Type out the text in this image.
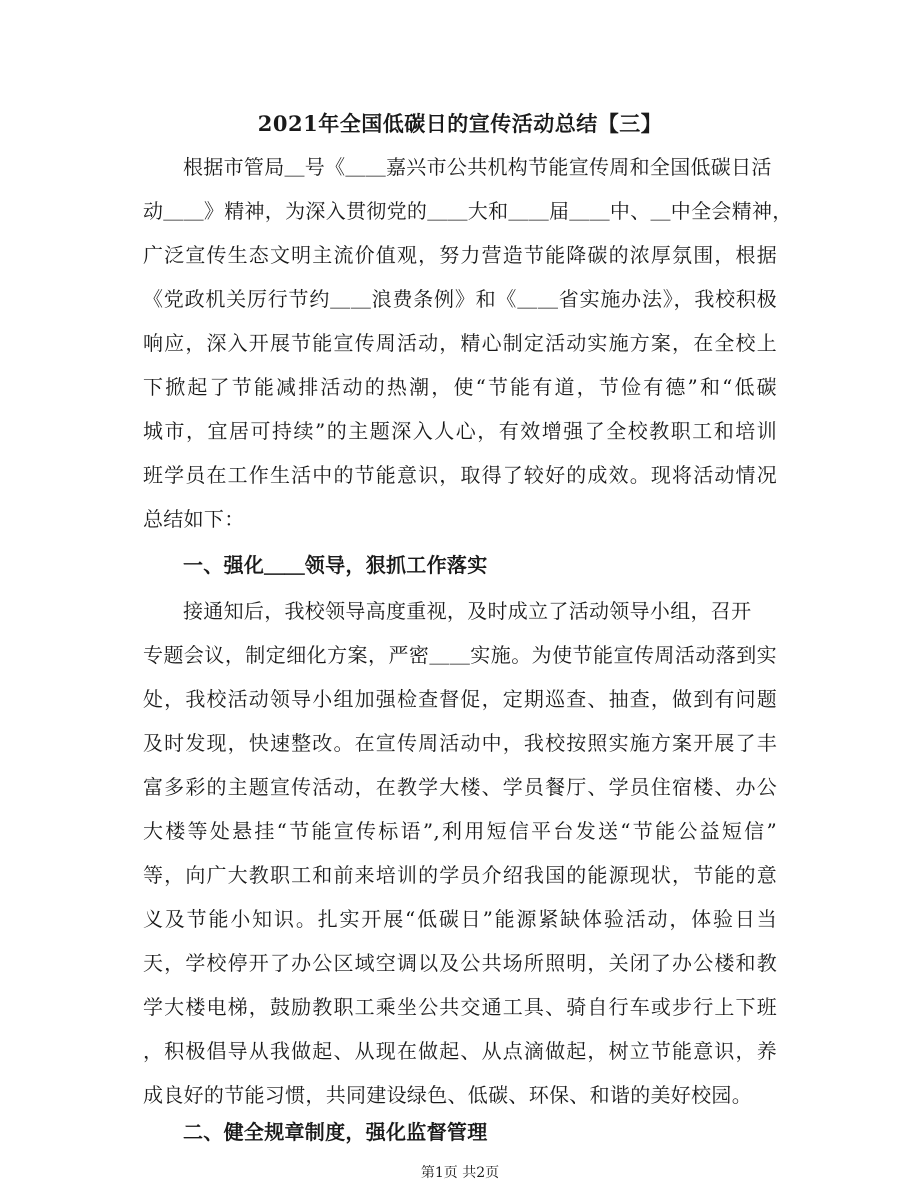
2021年全国低碳日的宣传活动总结【三】
根据市管局＿号《＿＿嘉兴市公共机构节能宣传周和全国低碳日活
动＿＿》精神，为深入贯彻党的＿＿大和＿＿届＿＿中、＿中全会精神，
广泛宣传生态文明主流价值观，努力营造节能降碳的浓厚氛围，根据
《党政机关厉行节约＿＿浪费条例》和《＿＿省实施办法》，我校积极
响应，深入开展节能宣传周活动，精心制定活动实施方案，在全校上
下掀起了节能减排活动的热潮，使“节能有道，节俭有德”和“低碳
城市，宜居可持续”的主题深入人心，有效增强了全校教职工和培训
班学员在工作生活中的节能意识，取得了较好的成效。现将活动情况
总结如下：
一、强化＿＿领导，狠抓工作落实
接通知后，我校领导高度重视，及时成立了活动领导小组，召开
专题会议，制定细化方案，严密＿＿实施。为使节能宣传周活动落到实
处，我校活动领导小组加强检查督促，定期巡查、抽查，做到有问题
及时发现，快速整改。在宣传周活动中，我校按照实施方案开展了丰
富多彩的主题宣传活动，在教学大楼、学员餐厅、学员住宿楼、办公
大楼等处悬挂“节能宣传标语”,利用短信平台发送“节能公益短信”
等，向广大教职工和前来培训的学员介绍我国的能源现状，节能的意
义及节能小知识。扎实开展“低碳日”能源紧缺体验活动，体验日当
天，学校停开了办公区域空调以及公共场所照明，关闭了办公楼和教
学大楼电梯，鼓励教职工乘坐公共交通工具、骑自行车或步行上下班
，积极倡导从我做起、从现在做起、从点滴做起，树立节能意识，养
成良好的节能习惯，共同建设绿色、低碳、环保、和谐的美好校园。
第1页 共2页
二、健全规章制度，强化监督管理
